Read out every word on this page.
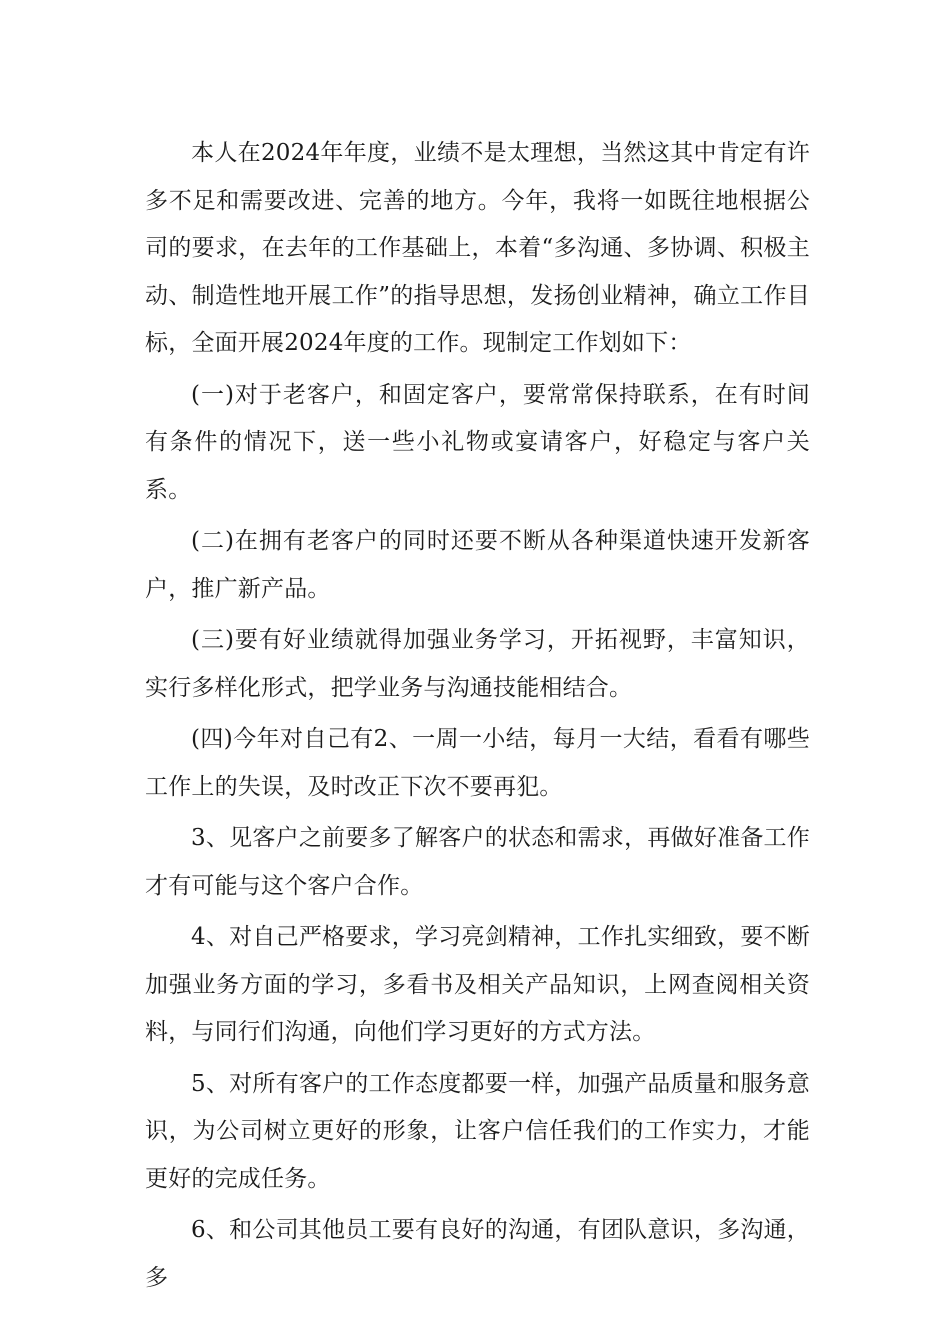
本人在2024年年度，业绩不是太理想，当然这其中肯定有许多不足和需要改进、完善的地方。今年，我将一如既往地根据公司的要求，在去年的工作基础上，本着“多沟通、多协调、积极主动、制造性地开展工作”的指导思想，发扬创业精神，确立工作目标，全面开展2024年度的工作。现制定工作划如下：

(一)对于老客户，和固定客户，要常常保持联系，在有时间有条件的情况下，送一些小礼物或宴请客户，好稳定与客户关系。

(二)在拥有老客户的同时还要不断从各种渠道快速开发新客户，推广新产品。

(三)要有好业绩就得加强业务学习，开拓视野，丰富知识，实行多样化形式，把学业务与沟通技能相结合。

(四)今年对自己有2、一周一小结，每月一大结，看看有哪些工作上的失误，及时改正下次不要再犯。

3、见客户之前要多了解客户的状态和需求，再做好准备工作才有可能与这个客户合作。

4、对自己严格要求，学习亮剑精神，工作扎实细致，要不断加强业务方面的学习，多看书及相关产品知识，上网查阅相关资料，与同行们沟通，向他们学习更好的方式方法。

5、对所有客户的工作态度都要一样，加强产品质量和服务意识，为公司树立更好的形象，让客户信任我们的工作实力，才能更好的完成任务。

6、和公司其他员工要有良好的沟通，有团队意识，多沟通，多
